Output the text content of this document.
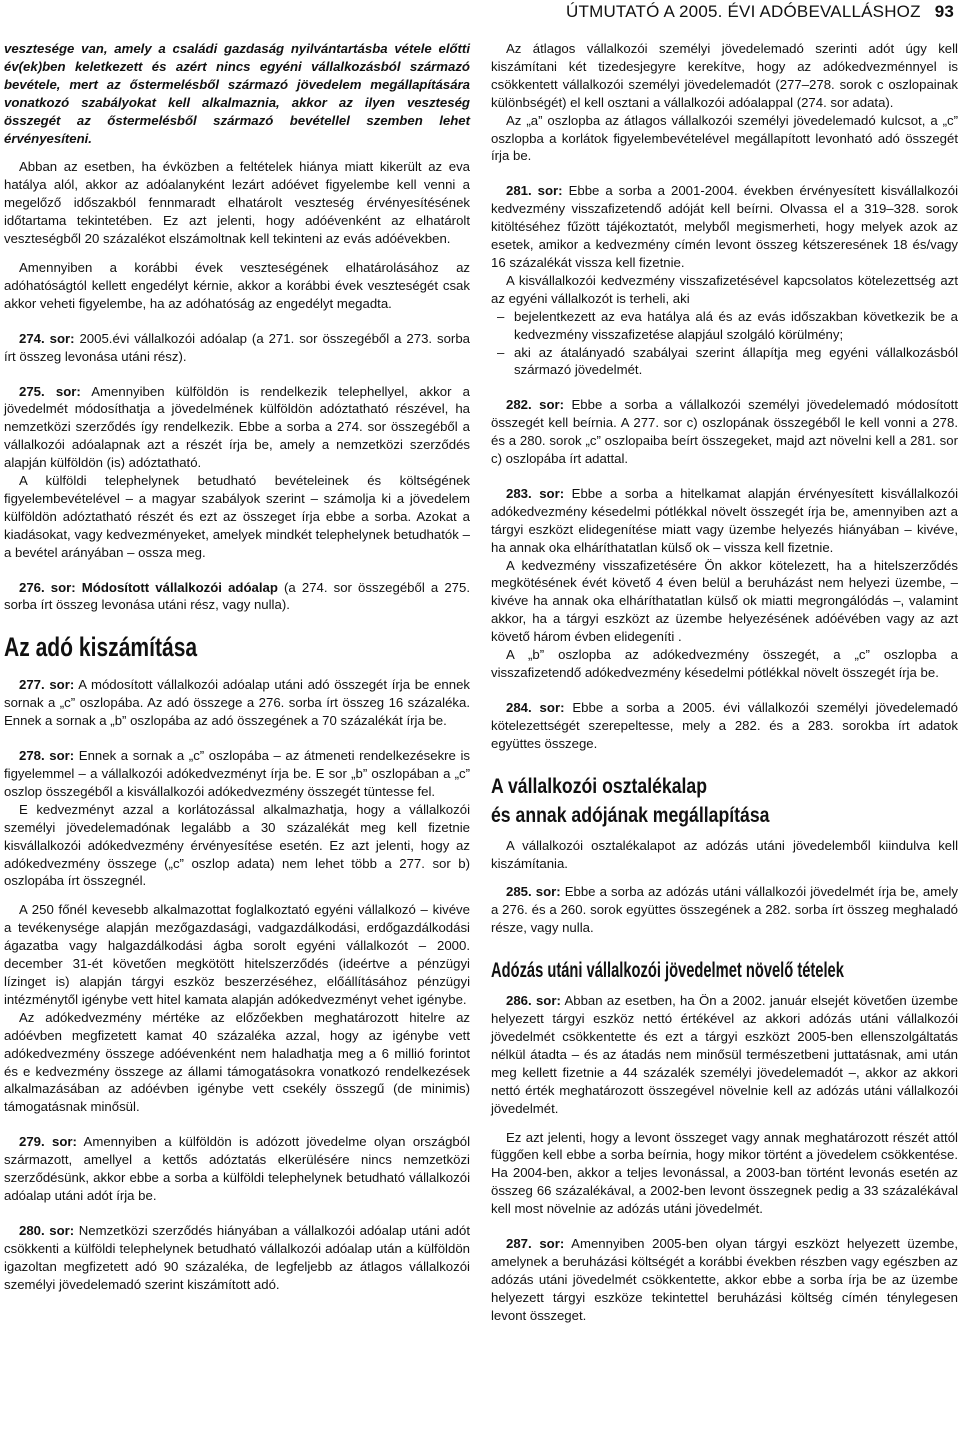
ÚTMUTATÓ A 2005. ÉVI ADÓBEVALLÁSHOZ 93

vesztesége van, amely a családi gazdaság nyilvántartásba vétele előtti év(ek)ben keletkezett és azért nincs egyéni vállalkozásból származó bevétele, mert az őstermelésből származó jövedelem megállapítására vonatkozó szabályokat kell alkalmaznia, akkor az ilyen veszteség összegét az őstermelésből származó bevétellel szemben lehet érvényesíteni.

Abban az esetben, ha évközben a feltételek hiánya miatt kikerült az eva hatálya alól, akkor az adóalanyként lezárt adóévet figyelembe kell venni a megelőző időszakból fennmaradt elhatárolt veszteség érvényesítésének időtartama tekintetében. Ez azt jelenti, hogy adóévenként az elhatárolt veszteségből 20 százalékot elszámoltnak kell tekinteni az evás adóévekben.

Amennyiben a korábbi évek veszteségének elhatárolásához az adóhatóságtól kellett engedélyt kérnie, akkor a korábbi évek veszteségét csak akkor veheti figyelembe, ha az adóhatóság az engedélyt megadta.

274. sor: 2005.évi vállalkozói adóalap (a 271. sor összegéből a 273. sorba írt összeg levonása utáni rész).

275. sor: Amennyiben külföldön is rendelkezik telephellyel, akkor a jövedelmét módosíthatja a jövedelmének külföldön adóztatható részével, ha nemzetközi szerződés így rendelkezik. Ebbe a sorba a 274. sor összegéből a vállalkozói adóalapnak azt a részét írja be, amely a nemzetközi szerződés alapján külföldön (is) adóztatható.

A külföldi telephelynek betudható bevételeinek és költségének figyelembevételével – a magyar szabályok szerint – számolja ki a jövedelem külföldön adóztatható részét és ezt az összeget írja ebbe a sorba. Azokat a kiadásokat, vagy kedvezményeket, amelyek mindkét telephelynek betudhatók – a bevétel arányában – ossza meg.

276. sor: Módosított vállalkozói adóalap (a 274. sor összegéből a 275. sorba írt összeg levonása utáni rész, vagy nulla).

Az adó kiszámítása

277. sor: A módosított vállalkozói adóalap utáni adó összegét írja be ennek sornak a „c” oszlopába. Az adó összege a 276. sorba írt összeg 16 százaléka. Ennek a sornak a „b” oszlopába az adó összegének a 70 százalékát írja be.

278. sor: Ennek a sornak a „c” oszlopába – az átmeneti rendelkezésekre is figyelemmel – a vállalkozói adókedvezményt írja be. E sor „b” oszlopában a „c” oszlop összegéből a kisvállalkozói adókedvezmény összegét tüntesse fel.

E kedvezményt azzal a korlátozással alkalmazhatja, hogy a vállalkozói személyi jövedelemadónak legalább a 30 százalékát meg kell fizetnie kisvállalkozói adókedvezmény érvényesítése esetén. Ez azt jelenti, hogy az adókedvezmény összege („c” oszlop adata) nem lehet több a 277. sor b) oszlopába írt összegnél.

A 250 főnél kevesebb alkalmazottat foglalkoztató egyéni vállalkozó – kivéve a tevékenysége alapján mezőgazdasági, vadgazdálkodási, erdőgazdálkodási ágazatba vagy halgazdálkodási ágba sorolt egyéni vállalkozót – 2000. december 31-ét követően megkötött hitelszerződés (ideértve a pénzügyi lízinget is) alapján tárgyi eszköz beszerzéséhez, előállításához pénzügyi intézménytől igénybe vett hitel kamata alapján adókedvezményt vehet igénybe.

Az adókedvezmény mértéke az előzőekben meghatározott hitelre az adóévben megfizetett kamat 40 százaléka azzal, hogy az igénybe vett adókedvezmény összege adóévenként nem haladhatja meg a 6 millió forintot és e kedvezmény összege az állami támogatásokra vonatkozó rendelkezések alkalmazásában az adóévben igénybe vett csekély összegű (de minimis) támogatásnak minősül.

279. sor: Amennyiben a külföldön is adózott jövedelme olyan országból származott, amellyel a kettős adóztatás elkerülésére nincs nemzetközi szerződésünk, akkor ebbe a sorba a külföldi telephelynek betudható vállalkozói adóalap utáni adót írja be.

280. sor: Nemzetközi szerződés hiányában a vállalkozói adóalap utáni adót csökkenti a külföldi telephelynek betudható vállalkozói adóalap után a külföldön igazoltan megfizetett adó 90 százaléka, de legfeljebb az átlagos vállalkozói személyi jövedelemadó szerint kiszámított adó.

Az átlagos vállalkozói személyi jövedelemadó szerinti adót úgy kell kiszámítani két tizedesjegyre kerekítve, hogy az adókedvezménnyel is csökkentett vállalkozói személyi jövedelemadót (277–278. sorok c oszlopainak különbségét) el kell osztani a vállalkozói adóalappal (274. sor adata).

Az „a” oszlopba az átlagos vállalkozói személyi jövedelemadó kulcsot, a „c” oszlopba a korlátok figyelembevételével megállapított levonható adó összegét írja be.

281. sor: Ebbe a sorba a 2001-2004. években érvényesített kisvállalkozói kedvezmény visszafizetendő adóját kell beírni. Olvassa el a 319–328. sorok kitöltéséhez fűzött tájékoztatót, melyből megismerheti, hogy melyek azok az esetek, amikor a kedvezmény címén levont összeg kétszeresének 18 és/vagy 16 százalékát vissza kell fizetnie.

A kisvállalkozói kedvezmény visszafizetésével kapcsolatos kötelezettség azt az egyéni vállalkozót is terheli, aki

– bejelentkezett az eva hatálya alá és az evás időszakban következik be a kedvezmény visszafizetése alapjául szolgáló körülmény;
– aki az átalányadó szabályai szerint állapítja meg egyéni vállalkozásból származó jövedelmét.

282. sor: Ebbe a sorba a vállalkozói személyi jövedelemadó módosított összegét kell beírnia. A 277. sor c) oszlopának összegéből le kell vonni a 278. és a 280. sorok „c” oszlopaiba beírt összegeket, majd azt növelni kell a 281. sor c) oszlopába írt adattal.

283. sor: Ebbe a sorba a hitelkamat alapján érvényesített kisvállalkozói adókedvezmény késedelmi pótlékkal növelt összegét írja be, amennyiben azt a tárgyi eszközt elidegenítése miatt vagy üzembe helyezés hiányában – kivéve, ha annak oka elháríthatatlan külső ok – vissza kell fizetnie.

A kedvezmény visszafizetésére Ön akkor kötelezett, ha a hitelszerződés megkötésének évét követő 4 éven belül a beruházást nem helyezi üzembe, – kivéve ha annak oka elháríthatatlan külső ok miatti megrongálódás –, valamint akkor, ha a tárgyi eszközt az üzembe helyezésének adóévében vagy az azt követő három évben elidegeníti .

A „b” oszlopba az adókedvezmény összegét, a „c” oszlopba a visszafizetendő adókedvezmény késedelmi pótlékkal növelt összegét írja be.

284. sor: Ebbe a sorba a 2005. évi vállalkozói személyi jövedelemadó kötelezettségét szerepeltesse, mely a 282. és a 283. sorokba írt adatok együttes összege.

A vállalkozói osztalékalap
és annak adójának megállapítása

A vállalkozói osztalékalapot az adózás utáni jövedelemből kiindulva kell kiszámítania.

285. sor: Ebbe a sorba az adózás utáni vállalkozói jövedelmét írja be, amely a 276. és a 260. sorok együttes összegének a 282. sorba írt összeg meghaladó része, vagy nulla.

Adózás utáni vállalkozói jövedelmet növelő tételek

286. sor: Abban az esetben, ha Ön a 2002. január elsejét követően üzembe helyezett tárgyi eszköz nettó értékével az akkori adózás utáni vállalkozói jövedelmét csökkentette és ezt a tárgyi eszközt 2005-ben ellenszolgáltatás nélkül átadta – és az átadás nem minősül természetbeni juttatásnak, ami után meg kellett fizetnie a 44 százalék személyi jövedelemadót –, akkor az akkori nettó érték meghatározott összegével növelnie kell az adózás utáni vállalkozói jövedelmét.

Ez azt jelenti, hogy a levont összeget vagy annak meghatározott részét attól függően kell ebbe a sorba beírnia, hogy mikor történt a jövedelem csökkentése. Ha 2004-ben, akkor a teljes levonással, a 2003-ban történt levonás esetén az összeg 66 százalékával, a 2002-ben levont összegnek pedig a 33 százalékával kell most növelnie az adózás utáni jövedelmét.

287. sor: Amennyiben 2005-ben olyan tárgyi eszközt helyezett üzembe, amelynek a beruházási költségét a korábbi években részben vagy egészben az adózás utáni jövedelmét csökkentette, akkor ebbe a sorba írja be az üzembe helyezett tárgyi eszköze tekintettel beruházási költség címén ténylegesen levont összeget.
